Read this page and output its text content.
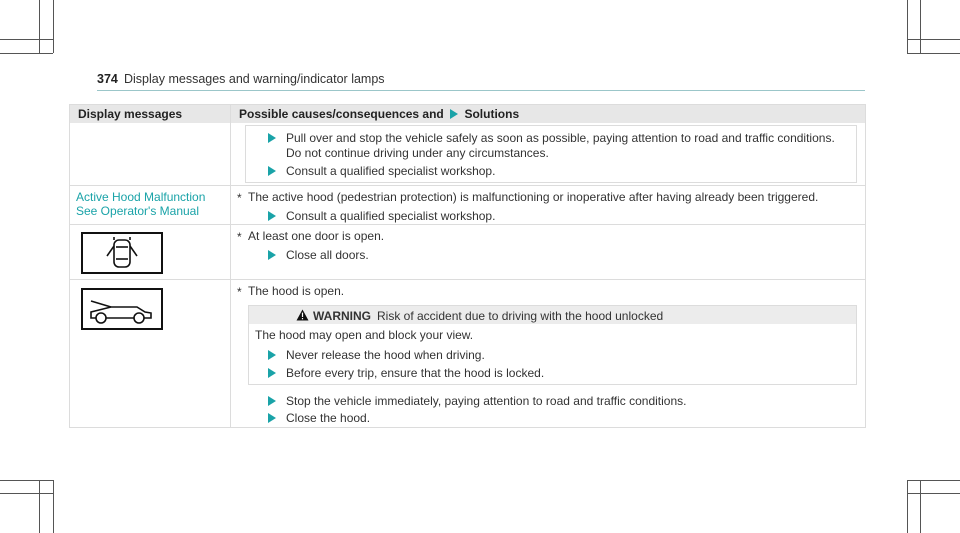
374 Display messages and warning/indicator lamps
Display messages	Possible causes/consequences and Solutions
Pull over and stop the vehicle safely as soon as possible, paying attention to road and traffic conditions.
Do not continue driving under any circumstances.
Consult a qualified specialist workshop.
Active Hood Malfunction
See Operator's Manual
* The active hood (pedestrian protection) is malfunctioning or inoperative after having already been triggered.
Consult a qualified specialist workshop.
* At least one door is open.
Close all doors.
* The hood is open.
WARNING Risk of accident due to driving with the hood unlocked
The hood may open and block your view.
Never release the hood when driving.
Before every trip, ensure that the hood is locked.
Stop the vehicle immediately, paying attention to road and traffic conditions.
Close the hood.
